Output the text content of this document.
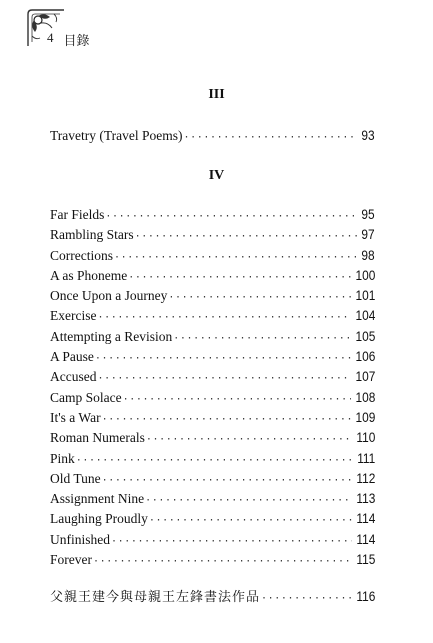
4 目錄
III
Travetry (Travel Poems) ·····	93
IV
Far Fields ·····	95
Rambling Stars ·····	97
Corrections ·····	98
A as Phoneme ·····	100
Once Upon a Journey ·····	101
Exercise ·····	104
Attempting a Revision ·····	105
A Pause ·····	106
Accused ·····	107
Camp Solace ·····	108
It's a War ·····	109
Roman Numerals ·····	110
Pink ·····	111
Old Tune ·····	112
Assignment Nine ·····	113
Laughing Proudly ·····	114
Unfinished ·····	114
Forever ·····	115
父親王建今與母親王左鋒書法作品 ·····	116
